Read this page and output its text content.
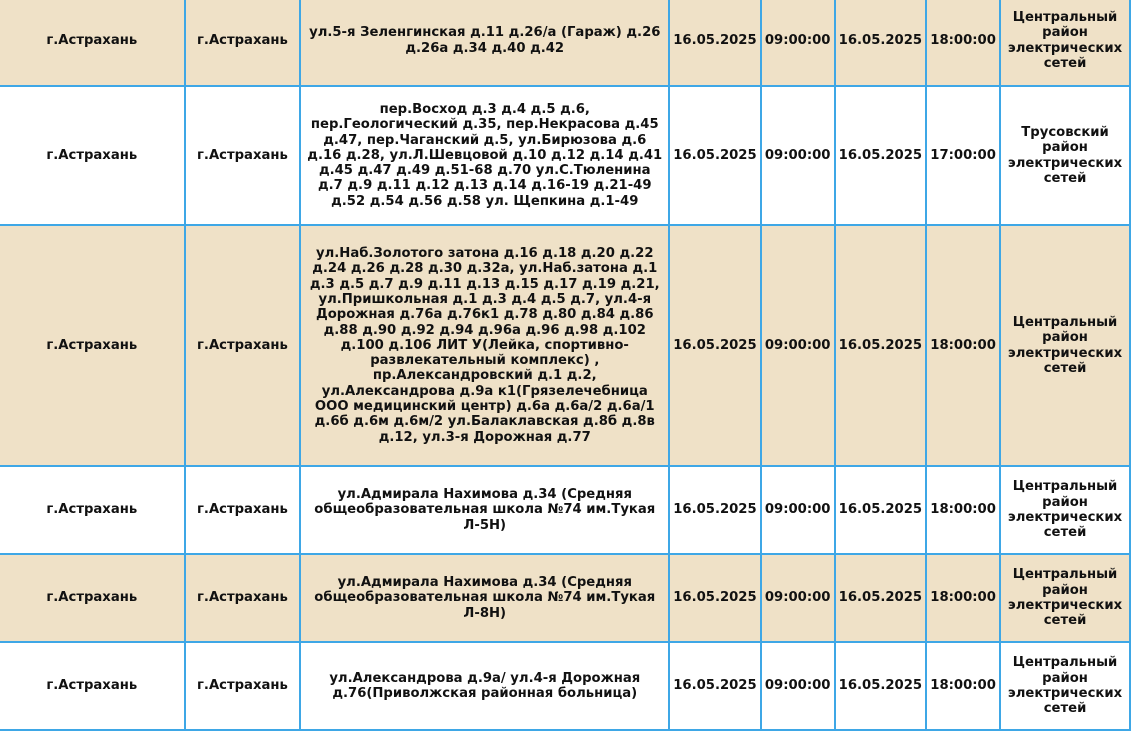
г.Астрахань	г.Астрахань	ул.5-я Зеленгинская д.11 д.26/а (Гараж) д.26 д.26а д.34 д.40 д.42	16.05.2025	09:00:00	16.05.2025	18:00:00	Центральный район электрических сетей
г.Астрахань	г.Астрахань	пер.Восход д.3 д.4 д.5 д.6, пер.Геологический д.35, пер.Некрасова д.45 д.47, пер.Чаганский д.5, ул.Бирюзова д.6 д.16 д.28, ул.Л.Шевцовой д.10 д.12 д.14 д.41 д.45 д.47 д.49 д.51-68 д.70 ул.С.Тюленина д.7 д.9 д.11 д.12 д.13 д.14 д.16-19 д.21-49 д.52 д.54 д.56 д.58 ул. Щепкина д.1-49	16.05.2025	09:00:00	16.05.2025	17:00:00	Трусовский район электрических сетей
г.Астрахань	г.Астрахань	ул.Наб.Золотого затона д.16 д.18 д.20 д.22 д.24 д.26 д.28 д.30 д.32а, ул.Наб.затона д.1 д.3 д.5 д.7 д.9 д.11 д.13 д.15 д.17 д.19 д.21, ул.Пришкольная д.1 д.3 д.4 д.5 д.7, ул.4-я Дорожная д.76а д.76к1 д.78 д.80 д.84 д.86 д.88 д.90 д.92 д.94 д.96а д.96 д.98 д.102 д.100 д.106 ЛИТ У(Лейка, спортивно-развлекательный комплекс) , пр.Александровский д.1 д.2, ул.Александрова д.9а к1(Грязелечебница ООО медицинский центр) д.6а д.6а/2 д.6а/1 д.6б д.6м д.6м/2 ул.Балаклавская д.8б д.8в д.12, ул.3-я Дорожная д.77	16.05.2025	09:00:00	16.05.2025	18:00:00	Центральный район электрических сетей
г.Астрахань	г.Астрахань	ул.Адмирала Нахимова д.34 (Средняя общеобразовательная школа №74 им.Тукая Л-5Н)	16.05.2025	09:00:00	16.05.2025	18:00:00	Центральный район электрических сетей
г.Астрахань	г.Астрахань	ул.Адмирала Нахимова д.34 (Средняя общеобразовательная школа №74 им.Тукая Л-8Н)	16.05.2025	09:00:00	16.05.2025	18:00:00	Центральный район электрических сетей
г.Астрахань	г.Астрахань	ул.Александрова д.9а/ ул.4-я Дорожная д.76(Приволжская районная больница)	16.05.2025	09:00:00	16.05.2025	18:00:00	Центральный район электрических сетей
